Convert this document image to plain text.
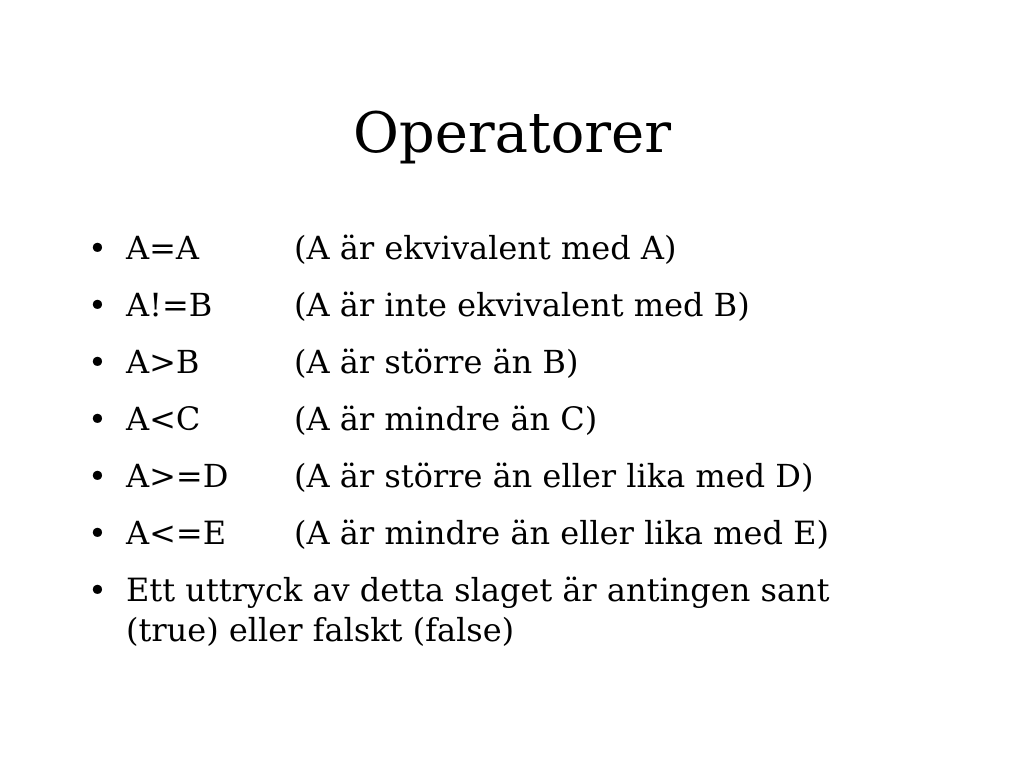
Operatorer
• A=A	(A är ekvivalent med A)
• A!=B	(A är inte ekvivalent med B)
• A>B	(A är större än B)
• A<C	(A är mindre än C)
• A>=D (A är större än eller lika med D)
• A<=E (A är mindre än eller lika med E)
• Ett uttryck av detta slaget är antingen sant (true) eller falskt (false)
